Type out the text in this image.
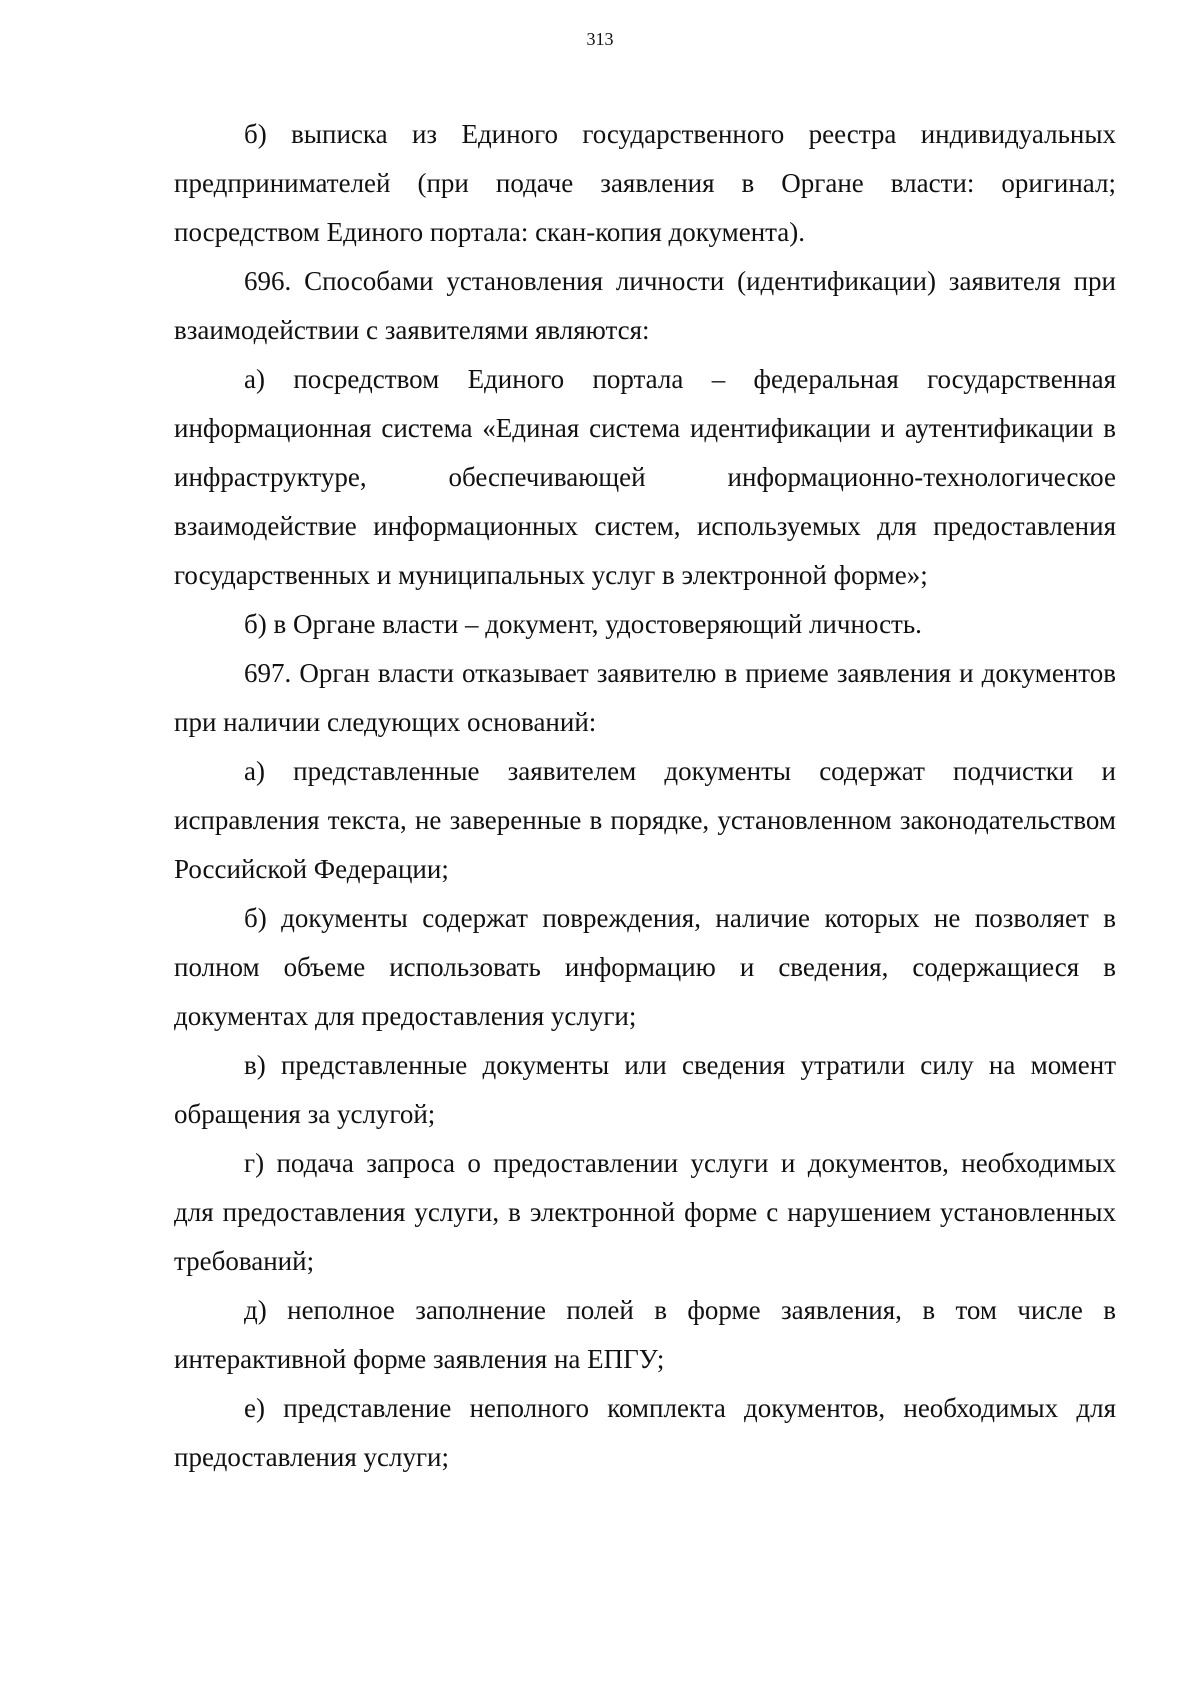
313

б) выписка из Единого государственного реестра индивидуальных предпринимателей (при подаче заявления в Органе власти: оригинал; посредством Единого портала: скан-копия документа).

696. Способами установления личности (идентификации) заявителя при взаимодействии с заявителями являются:

а) посредством Единого портала – федеральная государственная информационная система «Единая система идентификации и аутентификации в инфраструктуре, обеспечивающей информационно-технологическое взаимодействие информационных систем, используемых для предоставления государственных и муниципальных услуг в электронной форме»;

б) в Органе власти – документ, удостоверяющий личность.

697. Орган власти отказывает заявителю в приеме заявления и документов при наличии следующих оснований:

а) представленные заявителем документы содержат подчистки и исправления текста, не заверенные в порядке, установленном законодательством Российской Федерации;

б) документы содержат повреждения, наличие которых не позволяет в полном объеме использовать информацию и сведения, содержащиеся в документах для предоставления услуги;

в) представленные документы или сведения утратили силу на момент обращения за услугой;

г) подача запроса о предоставлении услуги и документов, необходимых для предоставления услуги, в электронной форме с нарушением установленных требований;

д) неполное заполнение полей в форме заявления, в том числе в интерактивной форме заявления на ЕПГУ;

е) представление неполного комплекта документов, необходимых для предоставления услуги;
